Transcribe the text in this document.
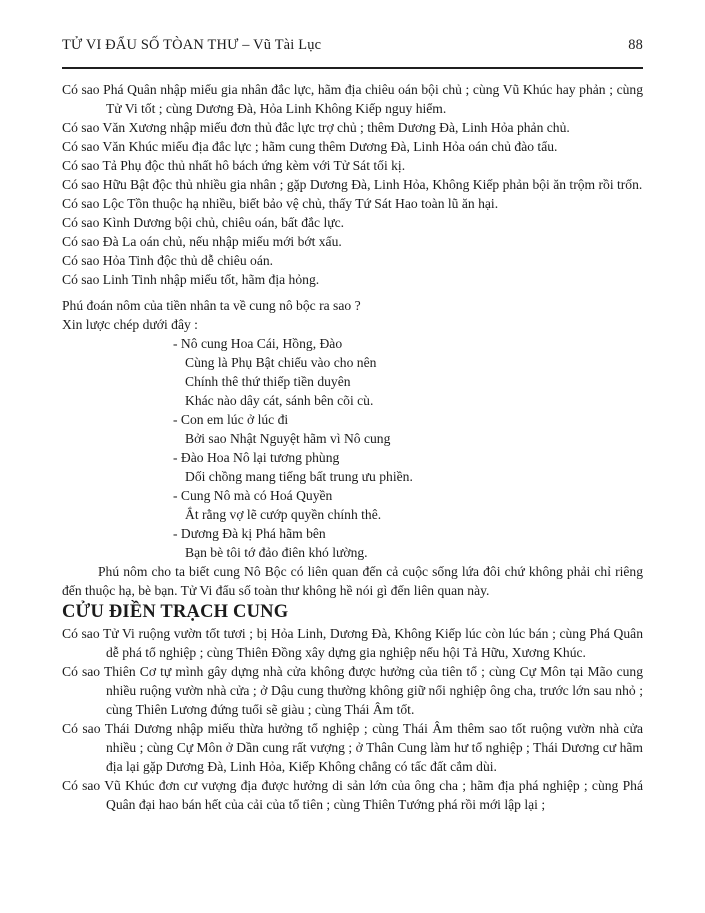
TỬ VI ĐẨU SỐ TÒAN THƯ – Vũ Tài Lục	88
Có sao Phá Quân nhập miếu gia nhân đắc lực, hãm địa chiêu oán bội chủ ; cùng Vũ Khúc hay phản ; cùng Tử Vi tốt ; cùng Dương Đà, Hỏa Linh Không Kiếp nguy hiểm.
Có sao Văn Xương nhập miếu đơn thủ đắc lực trợ chủ ; thêm Dương Đà, Linh Hỏa phản chủ.
Có sao Văn Khúc miếu địa đắc lực ; hãm cung thêm Dương Đà, Linh Hỏa oán chủ đào tẩu.
Có sao Tả Phụ độc thủ nhất hô bách ứng kèm với Tử Sát tối kị.
Có sao Hữu Bật độc thủ nhiều gia nhân ; gặp Dương Đà, Linh Hỏa, Không Kiếp phản bội ăn trộm rồi trốn.
Có sao Lộc Tồn thuộc hạ nhiều, biết bảo vệ chủ, thấy Tứ Sát Hao toàn lũ ăn hại.
Có sao Kình Dương bội chủ, chiêu oán, bất đắc lực.
Có sao Đà La oán chủ, nếu nhập miếu mới bớt xấu.
Có sao Hỏa Tinh độc thủ dễ chiêu oán.
Có sao Linh Tinh nhập miếu tốt, hãm địa hỏng.
Phú đoán nôm của tiền nhân ta về cung nô bộc ra sao ?
Xin lược chép dưới đây :
- Nô cung Hoa Cái, Hồng, Đào
Cùng là Phụ Bật chiếu vào cho nên
Chính thê thứ thiếp tiền duyên
Khác nào dây cát, sánh bên cõi cù.
- Con em lúc ở lúc đi
Bởi sao Nhật Nguyệt hãm vì Nô cung
- Đào Hoa Nô lại tương phùng
Dối chồng mang tiếng bất trung ưu phiền.
- Cung Nô mà có Hoá Quyền
Ắt rằng vợ lẽ cướp quyền chính thê.
- Dương Đà kị Phá hãm bên
Bạn bè tôi tớ đảo điên khó lường.
Phú nôm cho ta biết cung Nô Bộc có liên quan đến cả cuộc sống lứa đôi chứ không phải chỉ riêng đến thuộc hạ, bè bạn. Tử Vi đẩu số toàn thư không hề nói gì đến liên quan này.
CỬU ĐIỀN TRẠCH CUNG
Có sao Tử Vi ruộng vườn tốt tươi ; bị Hỏa Linh, Dương Đà, Không Kiếp lúc còn lúc bán ; cùng Phá Quân dễ phá tổ nghiệp ; cùng Thiên Đồng xây dựng gia nghiệp nếu hội Tả Hữu, Xương Khúc.
Có sao Thiên Cơ tự mình gây dựng nhà cửa không được hưởng của tiên tổ ; cùng Cự Môn tại Mão cung nhiều ruộng vườn nhà cửa ; ở Dậu cung thường không giữ nổi nghiệp ông cha, trước lớn sau nhỏ ; cùng Thiên Lương đứng tuổi sẽ giàu ; cùng Thái Âm tốt.
Có sao Thái Dương nhập miếu thừa hưởng tổ nghiệp ; cùng Thái Âm thêm sao tốt ruộng vườn nhà cửa nhiều ; cùng Cự Môn ở Dần cung rất vượng ; ở Thân Cung làm hư tổ nghiệp ; Thái Dương cư hãm địa lại gặp Dương Đà, Linh Hỏa, Kiếp Không chẳng có tấc đất cắm dùi.
Có sao Vũ Khúc đơn cư vượng địa được hưởng di sản lớn của ông cha ; hãm địa phá nghiệp ; cùng Phá Quân đại hao bán hết của cải của tổ tiên ; cùng Thiên Tướng phá rồi mới lập lại ;
